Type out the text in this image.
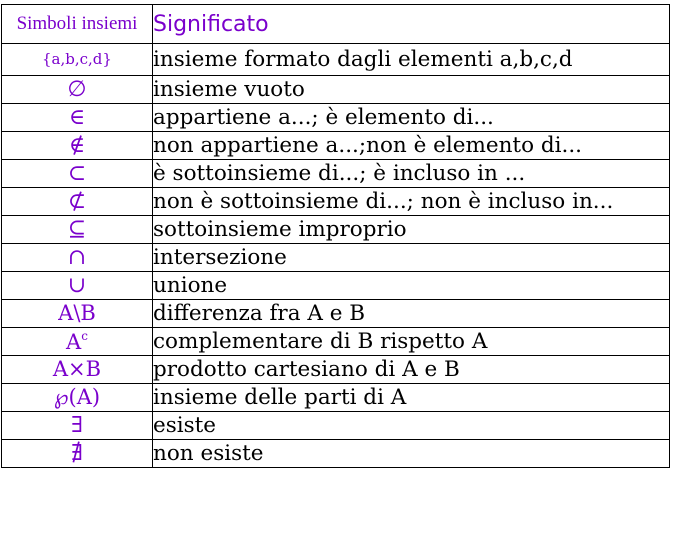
Simboli insiemi	Significato
{a,b,c,d}	insieme formato dagli elementi a,b,c,d
∅	insieme vuoto
∈	appartiene a...; è elemento di...
∉	non appartiene a...;non è elemento di...
⊂	è sottoinsieme di...; è incluso in ...
⊄	non è sottoinsieme di...; non è incluso in...
⊆	sottoinsieme improprio
∩	intersezione
∪	unione
A\B	differenza fra A e B
$A^c$	complementare di B rispetto A
A×B	prodotto cartesiano di A e B
℘(A)	insieme delle parti di A
∃	esiste
∄	non esiste
